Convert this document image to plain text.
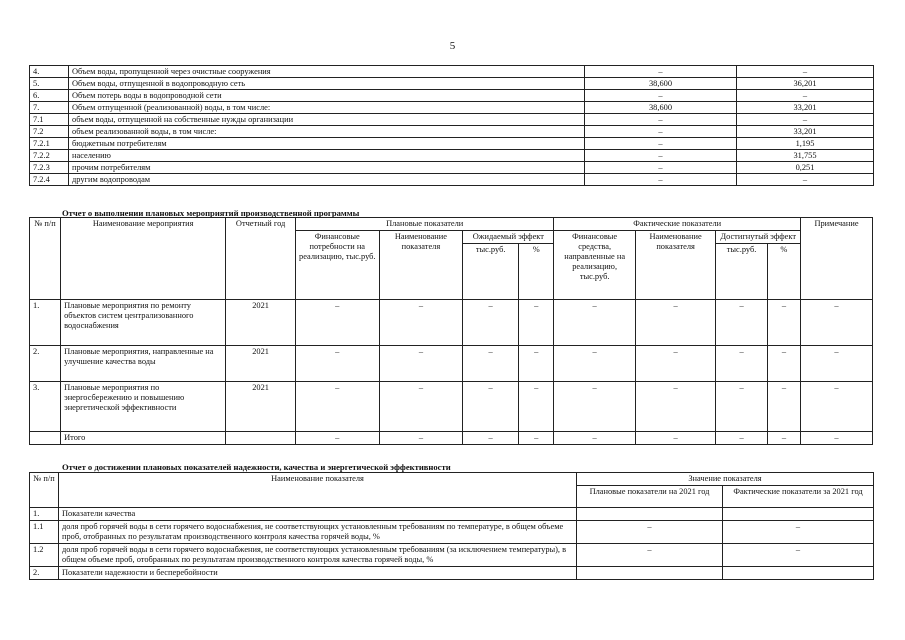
5
4.	Объем воды, пропущенной через очистные сооружения	–	–
5.	Объем воды, отпущенной в водопроводную сеть	38,600	36,201
6.	Объем потерь воды в водопроводной сети	–	–
7.	Объем отпущенной (реализованной) воды, в том числе:	38,600	33,201
7.1	объем воды, отпущенной на собственные нужды организации	–	–
7.2	объем реализованной воды, в том числе:	–	33,201
7.2.1	бюджетным потребителям	–	1,195
7.2.2	населению	–	31,755
7.2.3	прочим потребителям	–	0,251
7.2.4	другим водопроводам	–	–
Отчет о выполнении плановых мероприятий производственной программы
№ п/п	Наименование мероприятия	Отчетный год	Плановые показатели				Фактические показатели				Примечание
			Финансовые потребности на реализацию, тыс.руб.	Наименование показателя	Ожидаемый эффект		Финансовые средства, направленные на реализацию, тыс.руб.	Наименование показателя	Достигнутый эффект		
					тыс.руб.	%			тыс.руб.	%	
1.	Плановые мероприятия по ремонту объектов систем централизованного водоснабжения	2021	–	–	–	–	–	–	–	–	–
2.	Плановые мероприятия, направленные на улучшение качества воды	2021	–	–	–	–	–	–	–	–	–
3.	Плановые мероприятия по энергосбережению и повышению энергетической эффективности	2021	–	–	–	–	–	–	–	–	–
	Итого		–	–	–	–	–	–	–	–	–
Отчет о достижении плановых показателей надежности, качества и энергетической эффективности
№ п/п	Наименование показателя	Значение показателя	
		Плановые показатели на 2021 год	Фактические показатели за 2021 год
1.	Показатели качества		
1.1	доля проб горячей воды в сети горячего водоснабжения, не соответствующих установленным требованиям по температуре, в общем объеме проб, отобранных по результатам производственного контроля качества горячей воды, %	–	–
1.2	доля проб горячей воды в сети горячего водоснабжения, не соответствующих установленным требованиям (за исключением температуры), в общем объеме проб, отобранных по результатам производственного контроля качества горячей воды, %	–	–
2.	Показатели надежности и бесперебойности		
